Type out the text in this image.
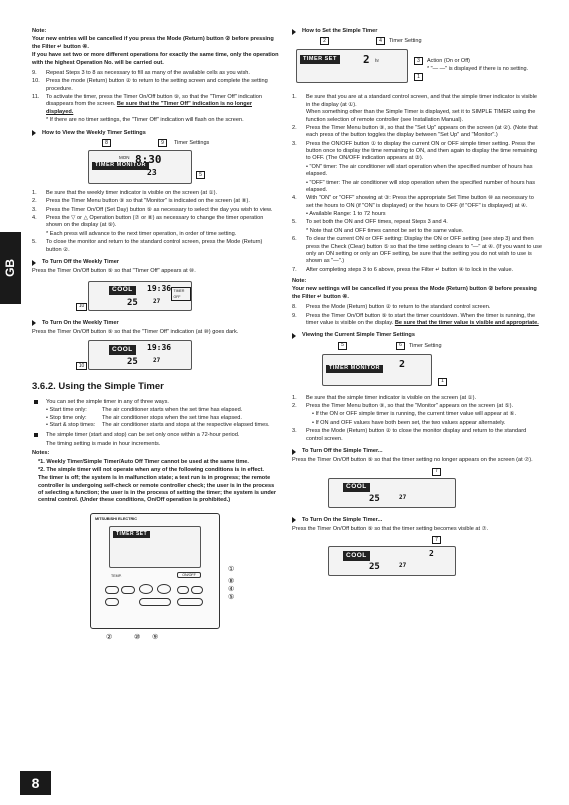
GB
8

Note:

Your new entries will be cancelled if you press the Mode (Return) button ② before pressing the Filter ↵ button ④.

If you have set two or more different operations for exactly the same time, only the operation with the highest Operation No. will be carried out.

9. Repeat Steps 3 to 8 as necessary to fill as many of the available cells as you wish.
10. Press the mode (Return) button ② to return to the setting screen and complete the setting procedure.
11. To activate the timer, press the Timer On/Off button ⑨, so that the "Timer Off" indication disappears from the screen. Be sure that the "Timer Off" indication is no longer displayed.
* If there are no timer settings, the "Timer Off" indication will flash on the screen.
How to View the Weekly Timer Settings
8	9	Timer Settings
TIMER MONITOR
8:30
23
MON
5
1. Be sure that the weekly timer indicator is visible on the screen (at ①).
2. Press the Timer Menu button ⑨ so that "Monitor" is indicated on the screen (at ⑧).
3. Press the Timer On/Off (Set Day) button ⑨ as necessary to select the day you wish to view.
4. Press the ▽ or △ Operation button (⑦ or ⑧) as necessary to change the timer operation shown on the display (at ⑨).
* Each press will advance to the next timer operation, in order of time setting.
5. To close the monitor and return to the standard control screen, press the Mode (Return) button ②.
To Turn Off the Weekly Timer

Press the Timer On/Off button ⑨ so that "Timer Off" appears at ⑩.

COOL	19:36
25	27
TIMER OFF
10
To Turn On the Weekly Timer

Press the Timer On/Off button ⑨ so that the "Timer Off" indication (at ⑩) goes dark.

COOL	19:36
25	27
10
3.6.2. Using the Simple Timer
You can set the simple timer in any of three ways.
• Start time only:	The air conditioner starts when the set time has elapsed.
• Stop time only:	The air conditioner stops when the set time has elapsed.
• Start & stop times:	The air conditioner starts and stops at the respective elapsed times.
The simple timer (start and stop) can be set only once within a 72-hour period.

The timing setting is made in hour increments.

Notes:

*1. Weekly Timer/Simple Timer/Auto Off Timer cannot be used at the same time.

*2. The simple timer will not operate when any of the following conditions is in effect.

The timer is off; the system is in malfunction state; a test run is in progress; the remote controller is undergoing self-check or remote controller check; the user is in the process of selecting a function; the user is in the process of setting the timer; the system is under central control. (Under these conditions, On/Off operation is prohibited.)

MITSUBISHI ELECTRIC
TIMER SET
ON/OFF
TEMP.
①
⑧
④
⑤
②	⑩ ⑨
How to Set the Simple Timer
2	4	Timer Setting
TIMER SET 2 hr	3	Action (On or Off)
* "— —" is displayed if there is no setting.
1
1. Be sure that you are at a standard control screen, and that the simple timer indicator is visible in the display (at ①).
When something other than the Simple Timer is displayed, set it to SIMPLE TIMER using the function selection of remote controller (see Installation Manual).
2. Press the Timer Menu button ⑨, so that the "Set Up" appears on the screen (at ②). (Note that each press of the button toggles the display between "Set Up" and "Monitor".)
3. Press the ON/OFF button ① to display the current ON or OFF simple timer setting. Press the button once to display the time remaining to ON, and then again to display the time remaining to OFF. (The ON/OFF indication appears at ③).
• "ON" timer: The air conditioner will start operation when the specified number of hours has elapsed.
• "OFF" timer: The air conditioner will stop operation when the specified number of hours has elapsed.
4. With "ON" or "OFF" showing at ③: Press the appropriate Set Time button ⑩ as necessary to set the hours to ON (if "ON" is displayed) or the hours to OFF (if "OFF" is displayed) at ④.
• Available Range: 1 to 72 hours
5. To set both the ON and OFF times, repeat Steps 3 and 4.
* Note that ON and OFF times cannot be set to the same value.
6. To clear the current ON or OFF setting: Display the ON or OFF setting (see step 3) and then press the Check (Clear) button ⑤ so that the time setting clears to "—" at ④. (If you want to use only an ON setting or only an OFF setting, be sure that the setting you do not wish to use is shown as "—".)
7. After completing steps 3 to 6 above, press the Filter ↵ button ④ to lock in the value.

Note:

Your new settings will be cancelled if you press the Mode (Return) button ② before pressing the Filter ↵ button ④.

8. Press the Mode (Return) button ② to return to the standard control screen.
9. Press the Timer On/Off button ⑨ to start the timer countdown. When the timer is running, the timer value is visible on the display. Be sure that the timer value is visible and appropriate.
Viewing the Current Simple Timer Settings
5	6	Timer Setting
TIMER MONITOR	2
1
1. Be sure that the simple timer indicator is visible on the screen (at ①).
2. Press the Timer Menu button ⑨, so that the "Monitor" appears on the screen (at ⑤).
• If the ON or OFF simple timer is running, the current timer value will appear at ⑥.
• If ON and OFF values have both been set, the two values appear alternately.
3. Press the Mode (Return) button ② to close the monitor display and return to the standard control screen.
To Turn Off the Simple Timer...

Press the Timer On/Off button ⑨ so that the timer setting no longer appears on the screen (at ⑦).

7
COOL
25	27
To Turn On the Simple Timer...

Press the Timer On/Off button ⑨ so that the timer setting becomes visible at ⑦.

7
COOL
25	27
2
